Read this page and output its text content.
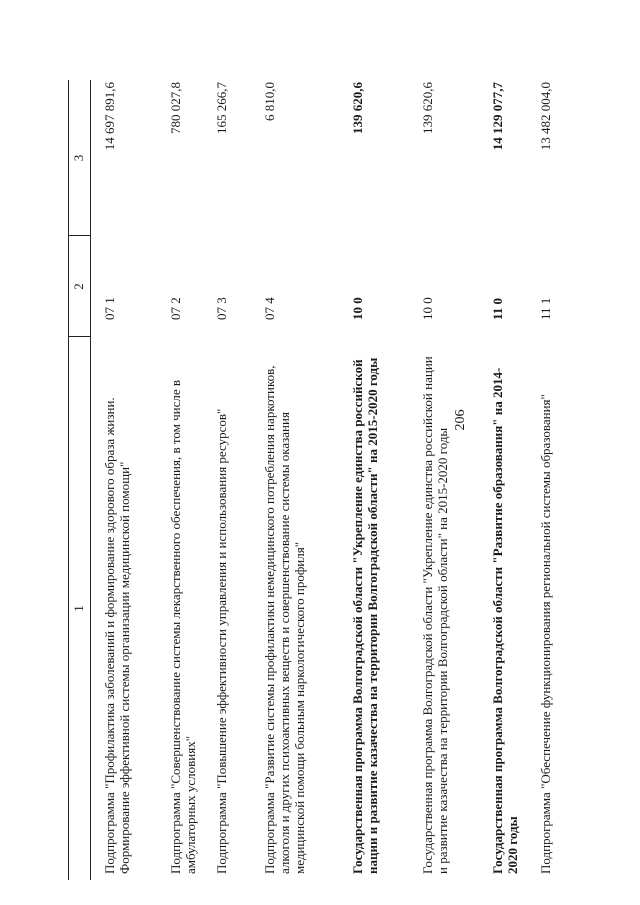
206
1
2
3
Подпрограмма "Профилактика заболеваний и формирование здорового образа жизни. Формирование эффективной системы организации медицинской помощи"
07 1
14 697 891,6
Подпрограмма "Совершенствование системы лекарственного обеспечения, в том числе в амбулаторных условиях"
07 2
780 027,8
Подпрограмма "Повышение эффективности управления и использования ресурсов"
07 3
165 266,7
Подпрограмма "Развитие системы профилактики немедицинского потребления наркотиков, алкоголя и других психоактивных веществ и совершенствование системы оказания медицинской помощи больным наркологического профиля"
07 4
6 810,0
Государственная программа Волгоградской области "Укрепление единства российской нации и развитие казачества на территории Волгоградской области" на 2015-2020 годы
10 0
139 620,6
Государственная программа Волгоградской области "Укрепление единства российской нации и развитие казачества на территории Волгоградской области" на 2015-2020 годы
10 0
139 620,6
Государственная программа Волгоградской области "Развитие образования" на 2014-2020 годы
11 0
14 129 077,7
Подпрограмма "Обеспечение функционирования региональной системы образования"
11 1
13 482 004,0
